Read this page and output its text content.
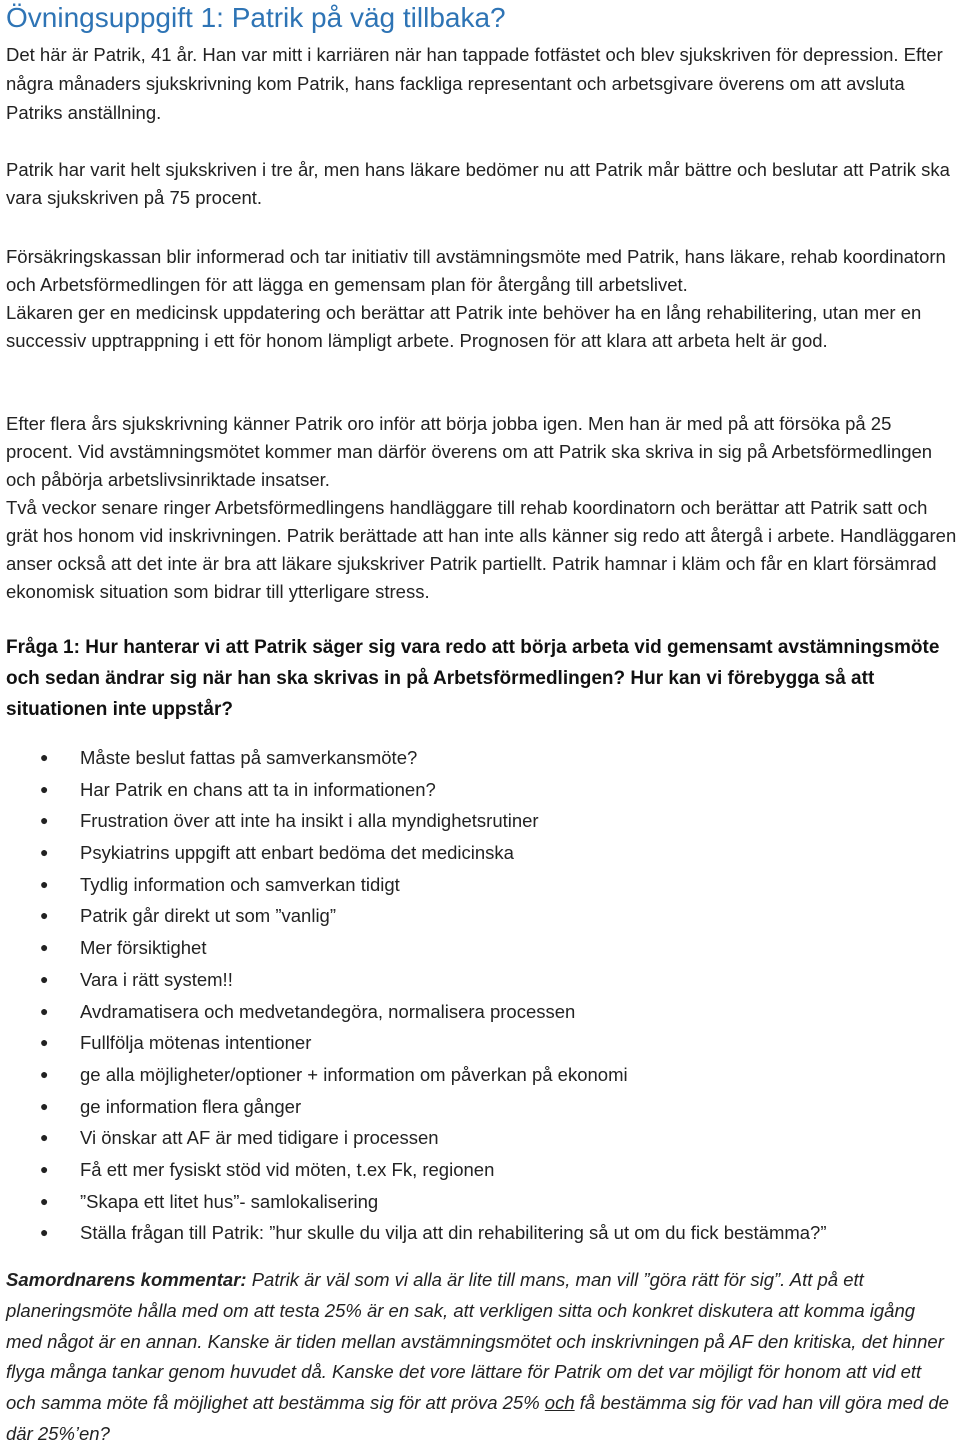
Övningsuppgift 1: Patrik på väg tillbaka?

Det här är Patrik, 41 år. Han var mitt i karriären när han tappade fotfästet och blev sjukskriven för depression. Efter några månaders sjukskrivning kom Patrik, hans fackliga representant och arbetsgivare överens om att avsluta Patriks anställning.

Patrik har varit helt sjukskriven i tre år, men hans läkare bedömer nu att Patrik mår bättre och beslutar att Patrik ska vara sjukskriven på 75 procent.

Försäkringskassan blir informerad och tar initiativ till avstämningsmöte med Patrik, hans läkare, rehab koordinatorn och Arbetsförmedlingen för att lägga en gemensam plan för återgång till arbetslivet.

Läkaren ger en medicinsk uppdatering och berättar att Patrik inte behöver ha en lång rehabilitering, utan mer en successiv upptrappning i ett för honom lämpligt arbete. Prognosen för att klara att arbeta helt är god.

Efter flera års sjukskrivning känner Patrik oro inför att börja jobba igen. Men han är med på att försöka på 25 procent. Vid avstämningsmötet kommer man därför överens om att Patrik ska skriva in sig på Arbetsförmedlingen och påbörja arbetslivsinriktade insatser.

Två veckor senare ringer Arbetsförmedlingens handläggare till rehab koordinatorn och berättar att Patrik satt och grät hos honom vid inskrivningen. Patrik berättade att han inte alls känner sig redo att återgå i arbete. Handläggaren anser också att det inte är bra att läkare sjukskriver Patrik partiellt. Patrik hamnar i kläm och får en klart försämrad ekonomisk situation som bidrar till ytterligare stress.

Fråga 1: Hur hanterar vi att Patrik säger sig vara redo att börja arbeta vid gemensamt avstämningsmöte och sedan ändrar sig när han ska skrivas in på Arbetsförmedlingen? Hur kan vi förebygga så att situationen inte uppstår?

● Måste beslut fattas på samverkansmöte?
● Har Patrik en chans att ta in informationen?
● Frustration över att inte ha insikt i alla myndighetsrutiner
● Psykiatrins uppgift att enbart bedöma det medicinska
● Tydlig information och samverkan tidigt
● Patrik går direkt ut som ”vanlig”
● Mer försiktighet
● Vara i rätt system!!
● Avdramatisera och medvetandegöra, normalisera processen
● Fullfölja mötenas intentioner
● ge alla möjligheter/optioner + information om påverkan på ekonomi
● ge information flera gånger
● Vi önskar att AF är med tidigare i processen
● Få ett mer fysiskt stöd vid möten, t.ex Fk, regionen
● ”Skapa ett litet hus”- samlokalisering
● Ställa frågan till Patrik: ”hur skulle du vilja att din rehabilitering så ut om du fick bestämma?”

Samordnarens kommentar: Patrik är väl som vi alla är lite till mans, man vill ”göra rätt för sig”. Att på ett planeringsmöte hålla med om att testa 25% är en sak, att verkligen sitta och konkret diskutera att komma igång med något är en annan. Kanske är tiden mellan avstämningsmötet och inskrivningen på AF den kritiska, det hinner flyga många tankar genom huvudet då. Kanske det vore lättare för Patrik om det var möjligt för honom att vid ett och samma möte få möjlighet att bestämma sig för att pröva 25% och få bestämma sig för vad han vill göra med de där 25%’en?
